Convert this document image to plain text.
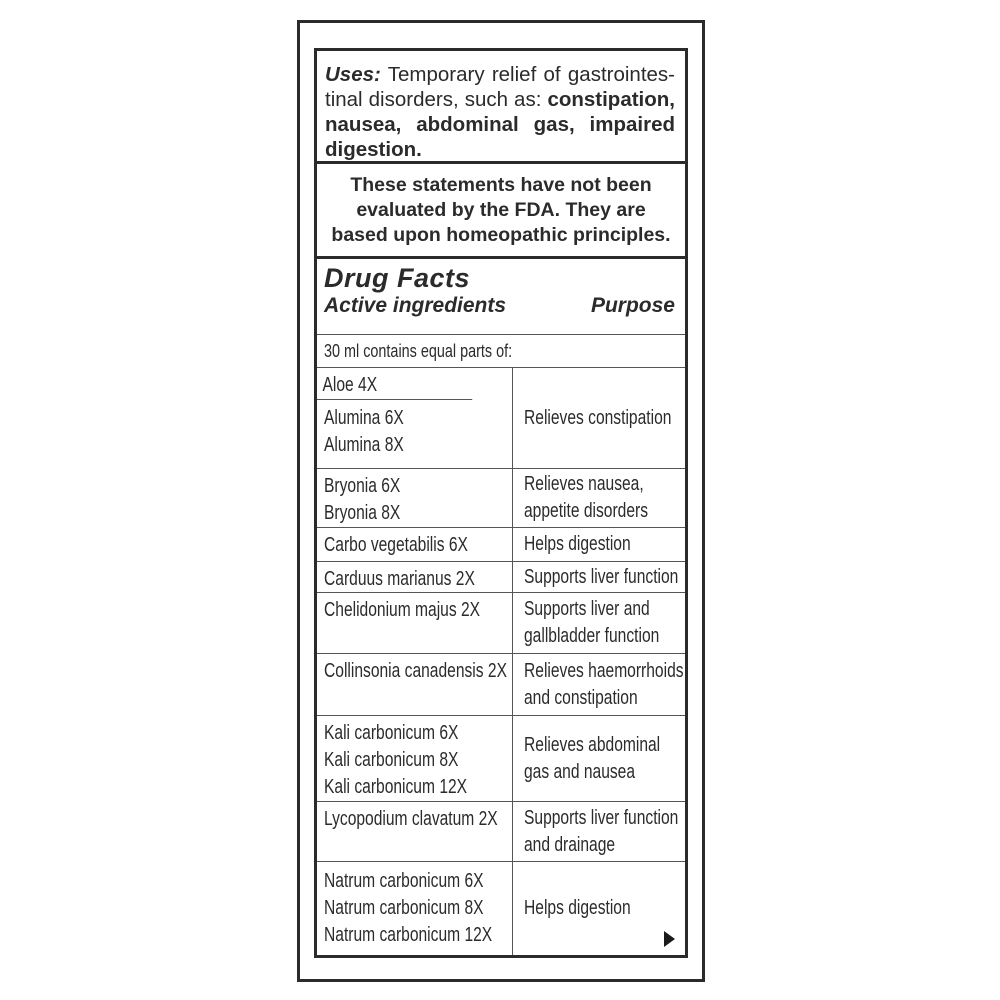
Uses: Temporary relief of gastrointestinal disorders, such as: constipation, nausea, abdominal gas, impaired digestion.
These statements have not been evaluated by the FDA. They are based upon homeopathic principles.
Drug Facts
Active ingredients	Purpose
30 ml contains equal parts of:
Aloe 4X
Alumina 6X
Alumina 8X
Relieves constipation
Bryonia 6X
Bryonia 8X
Relieves nausea,
appetite disorders
Carbo vegetabilis 6X	Helps digestion
Carduus marianus 2X Supports liver function
Chelidonium majus 2X Supports liver and
gallbladder function
Collinsonia canadensis 2X Relieves haemorrhoids
and constipation
Kali carbonicum 6X
Kali carbonicum 8X
Kali carbonicum 12X
Relieves abdominal
gas and nausea
Lycopodium clavatum 2X Supports liver function
and drainage
Natrum carbonicum 6X
Natrum carbonicum 8X
Natrum carbonicum 12X
Helps digestion
